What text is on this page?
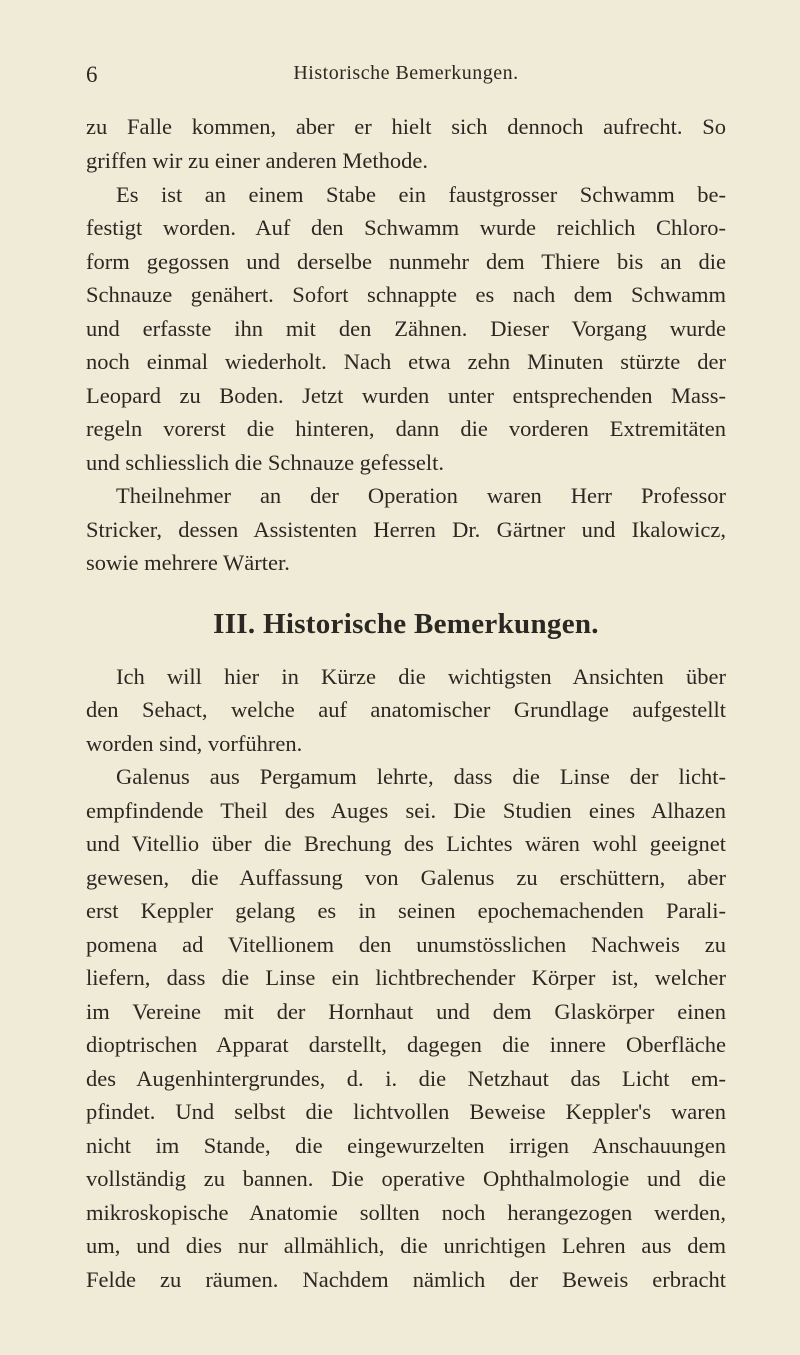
6	Historische Bemerkungen.
zu Falle kommen, aber er hielt sich dennoch aufrecht. So
griffen wir zu einer anderen Methode.
Es ist an einem Stabe ein faustgrosser Schwamm be-
festigt worden. Auf den Schwamm wurde reichlich Chloro-
form gegossen und derselbe nunmehr dem Thiere bis an die
Schnauze genähert. Sofort schnappte es nach dem Schwamm
und erfasste ihn mit den Zähnen. Dieser Vorgang wurde
noch einmal wiederholt. Nach etwa zehn Minuten stürzte der
Leopard zu Boden. Jetzt wurden unter entsprechenden Mass-
regeln vorerst die hinteren, dann die vorderen Extremitäten
und schliesslich die Schnauze gefesselt.
Theilnehmer an der Operation waren Herr Professor
Stricker, dessen Assistenten Herren Dr. Gärtner und Ikalowicz,
sowie mehrere Wärter.
III. Historische Bemerkungen.
Ich will hier in Kürze die wichtigsten Ansichten über
den Sehact, welche auf anatomischer Grundlage aufgestellt
worden sind, vorführen.
Galenus aus Pergamum lehrte, dass die Linse der licht-
empfindende Theil des Auges sei. Die Studien eines Alhazen
und Vitellio über die Brechung des Lichtes wären wohl geeignet
gewesen, die Auffassung von Galenus zu erschüttern, aber
erst Keppler gelang es in seinen epochemachenden Parali-
pomena ad Vitellionem den unumstösslichen Nachweis zu
liefern, dass die Linse ein lichtbrechender Körper ist, welcher
im Vereine mit der Hornhaut und dem Glaskörper einen
dioptrischen Apparat darstellt, dagegen die innere Oberfläche
des Augenhintergrundes, d. i. die Netzhaut das Licht em-
pfindet. Und selbst die lichtvollen Beweise Keppler's waren
nicht im Stande, die eingewurzelten irrigen Anschauungen
vollständig zu bannen. Die operative Ophthalmologie und die
mikroskopische Anatomie sollten noch herangezogen werden,
um, und dies nur allmählich, die unrichtigen Lehren aus dem
Felde zu räumen. Nachdem nämlich der Beweis erbracht
